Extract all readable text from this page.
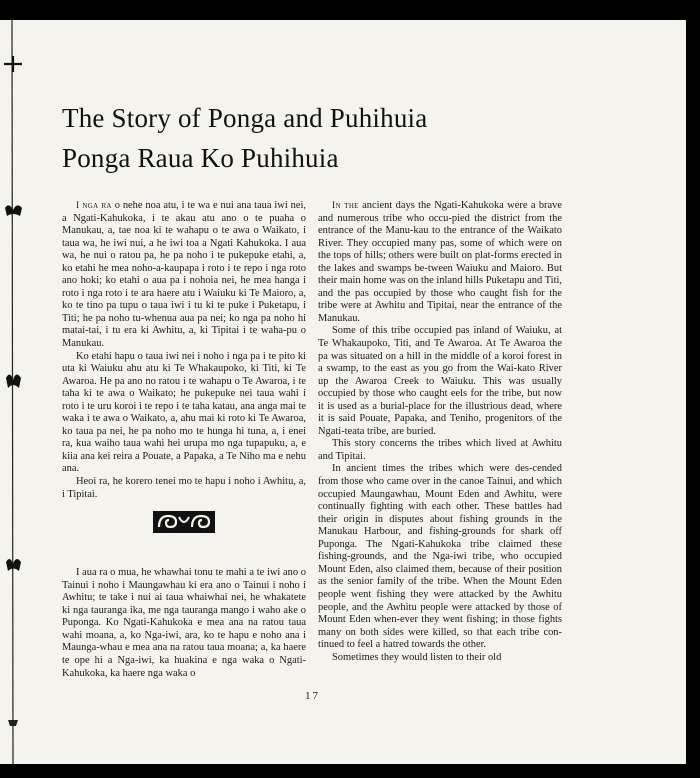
The Story of Ponga and Puhihuia
Ponga Raua Ko Puhihuia

I nga ra o nehe noa atu, i te wa e nui ana taua iwi nei, a Ngati-Kahukoka, i te akau atu ano o te puaha o Manukau, a, tae noa ki te wahapu o te awa o Waikato, i taua wa, he iwi nui, a he iwi toa a Ngati Kahukoka. I aua wa, he nui o ratou pa, he pa noho i te pukepuke etahi, a, ko etahi he mea noho-a-kaupapa i roto i te repo i nga roto ano hoki; ko etahi o aua pa i nohoia nei, he mea hanga i roto i nga roto i te ara haere atu i Waiuku ki Te Maioro, a, ko te tino pa tupu o taua iwi i tu ki te puke i Puketapu, i Titi; he pa noho tu-whenua aua pa nei; ko nga pa noho hi matai-tai, i tu era ki Awhitu, a, ki Tipitai i te waha-pu o Manukau.

Ko etahi hapu o taua iwi nei i noho i nga pa i te pito ki uta ki Waiuku ahu atu ki Te Whakaupoko, ki Titi, ki Te Awaroa. He pa ano no ratou i te wahapu o Te Awaroa, i te taha ki te awa o Waikato; he pukepuke nei taua wahi i roto i te uru koroi i te repo i te taha katau, ana anga mai te waka i te awa o Waikato, a, ahu mai ki roto ki Te Awaroa, ko taua pa nei, he pa noho mo te hunga hi tuna, a, i enei ra, kua waiho taua wahi hei urupa mo nga tupapuku, a, e kiia ana kei reira a Pouate, a Papaka, a Te Niho ma e nehu ana.

Heoi ra, he korero tenei mo te hapu i noho i Awhitu, a, i Tipitai.

I aua ra o mua, he whawhai tonu te mahi a te iwi ano o Tainui i noho i Maungawhau ki era ano o Tainui i noho i Awhitu; te take i nui ai taua whaiwhai nei, he whakatete ki nga tauranga ika, me nga tauranga mango i waho ake o Puponga. Ko Ngati-Kahukoka e mea ana na ratou taua wahi moana, a, ko Nga-iwi, ara, ko te hapu e noho ana i Maunga-whau e mea ana na ratou taua moana; a, ka haere te ope hi a Nga-iwi, ka huakina e nga waka o Ngati-Kahukoka, ka haere nga waka o

In the ancient days the Ngati-Kahukoka were a brave and numerous tribe who occu-pied the district from the entrance of the Manu-kau to the entrance of the Waikato River. They occupied many pas, some of which were on the tops of hills; others were built on plat-forms erected in the lakes and swamps be-tween Waiuku and Maioro. But their main home was on the inland hills Puketapu and Titi, and the pas occupied by those who caught fish for the tribe were at Awhitu and Tipitai, near the entrance of the Manukau.

Some of this tribe occupied pas inland of Waiuku, at Te Whakaupoko, Titi, and Te Awaroa. At Te Awaroa the pa was situated on a hill in the middle of a koroi forest in a swamp, to the east as you go from the Wai-kato River up the Awaroa Creek to Waiuku. This was usually occupied by those who caught eels for the tribe, but now it is used as a burial-place for the illustrious dead, where it is said Pouate, Papaka, and Teniho, progenitors of the Ngati-teata tribe, are buried.

This story concerns the tribes which lived at Awhitu and Tipitai.

In ancient times the tribes which were des-cended from those who came over in the canoe Tainui, and which occupied Maungawhau, Mount Eden and Awhitu, were continually fighting with each other. These battles had their origin in disputes about fishing grounds in the Manukau Harbour, and fishing-grounds for shark off Puponga. The Ngati-Kahukoka tribe claimed these fishing-grounds, and the Nga-iwi tribe, who occupied Mount Eden, also claimed them, because of their position as the senior family of the tribe. When the Mount Eden people went fishing they were attacked by the Awhitu people, and the Awhitu people were attacked by those of Mount Eden when-ever they went fishing; in those fights many on both sides were killed, so that each tribe con-tinued to feel a hatred towards the other.

Sometimes they would listen to their old

17
